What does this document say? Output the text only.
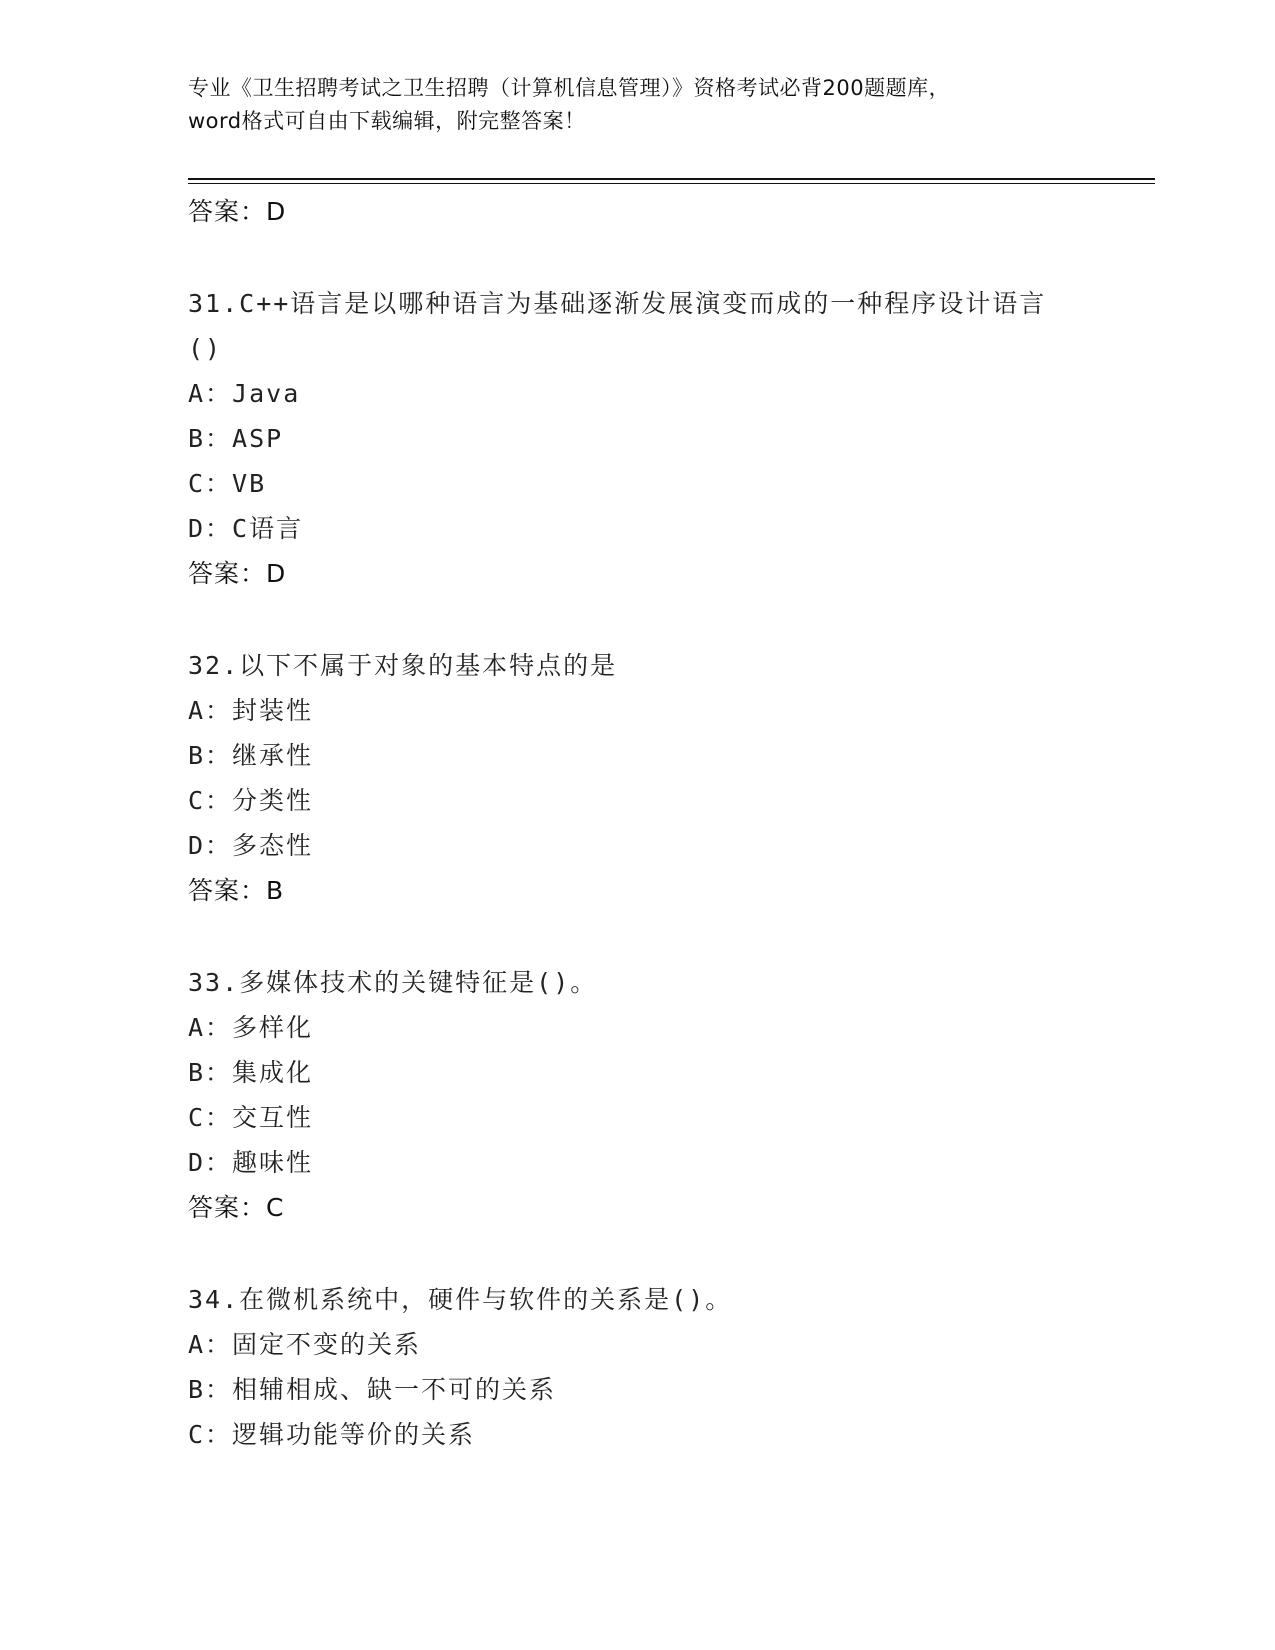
专业《卫生招聘考试之卫生招聘（计算机信息管理）》资格考试必背200题题库，
word格式可自由下载编辑，附完整答案！
答案：D
31.C++语言是以哪种语言为基础逐渐发展演变而成的一种程序设计语言()
A：Java
B：ASP
C：VB
D：C语言
答案：D
32.以下不属于对象的基本特点的是
A：封装性
B：继承性
C：分类性
D：多态性
答案：B
33.多媒体技术的关键特征是()。
A：多样化
B：集成化
C：交互性
D：趣味性
答案：C
34.在微机系统中，硬件与软件的关系是()。
A：固定不变的关系
B：相辅相成、缺一不可的关系
C：逻辑功能等价的关系
